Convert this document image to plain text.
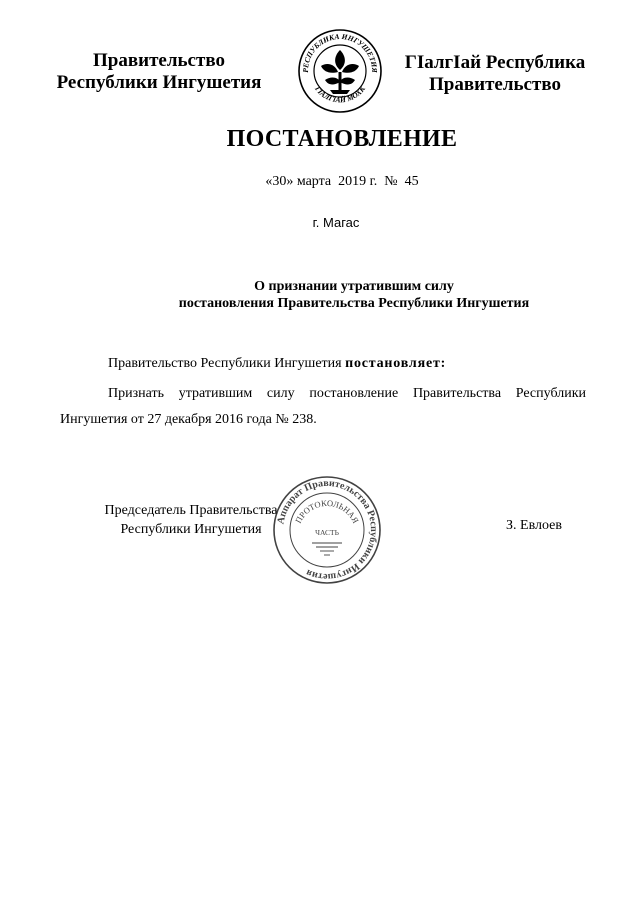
Правительство
Республики Ингушетия
РЕСПУБЛИКА ИНГУШЕТИЯ
ГIАЛГIАЙ МОХК
ГIалгIай Республика
Правительство
ПОСТАНОВЛЕНИЕ
«30» марта  2019 г.  №  45
г. Магас
О признании утратившим силу
постановления Правительства Республики Ингушетия
Правительство Республики Ингушетия постановляет:
Признать утратившим силу постановление Правительства Республики Ингушетия от 27 декабря 2016 года № 238.
Председатель Правительства
Республики Ингушетия
Аппарат Правительства Республики Ингушетия
ПРОТОКОЛЬНАЯ
ЧАСТЬ	З. Евлоев
